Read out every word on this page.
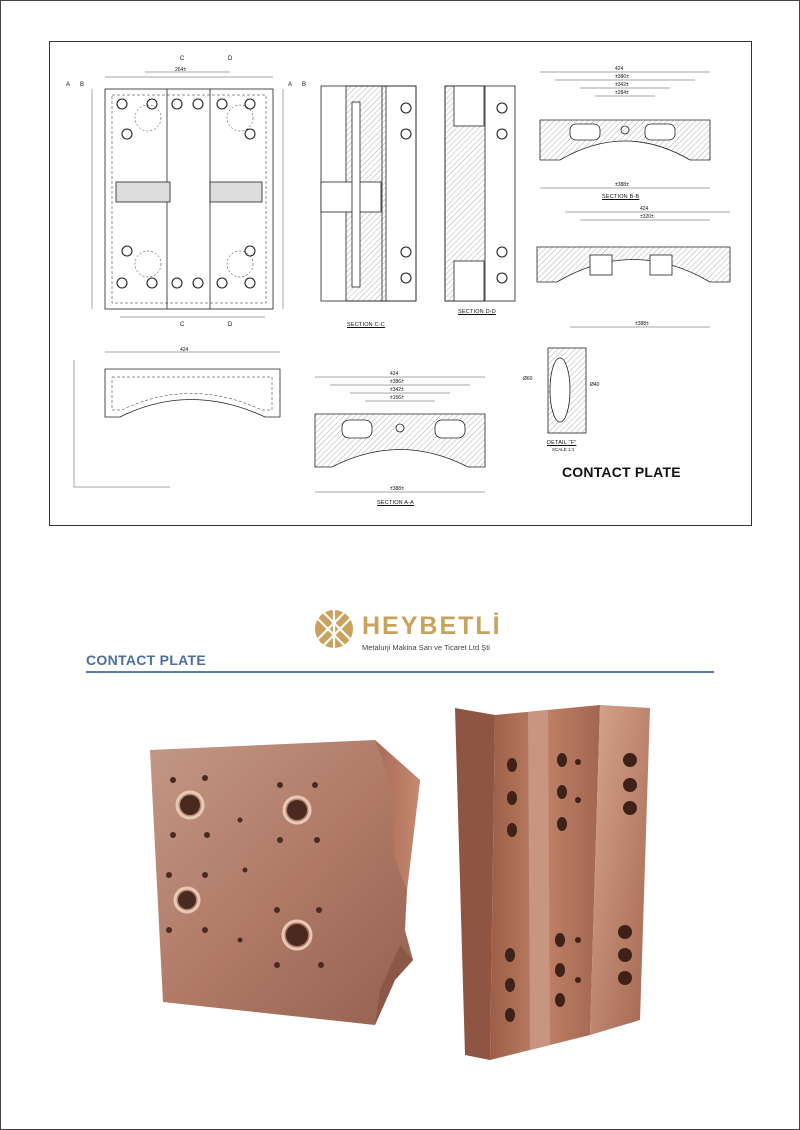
C	D
C	D
A	A
B	B
264±	424
±386±
±342±
±284±
±388±
424
±320±
±388±
424
±386±
±342±
±156±
±388±
424
Ø60
Ø40
SECTION B-B
SECTION C-C
SECTION D-D
SECTION A-A
DETAIL "F"
SCALE 1:1
CONTACT PLATE
HEYBETLİ
Metalurji Makina San ve Ticaret Ltd Şti
CONTACT PLATE
